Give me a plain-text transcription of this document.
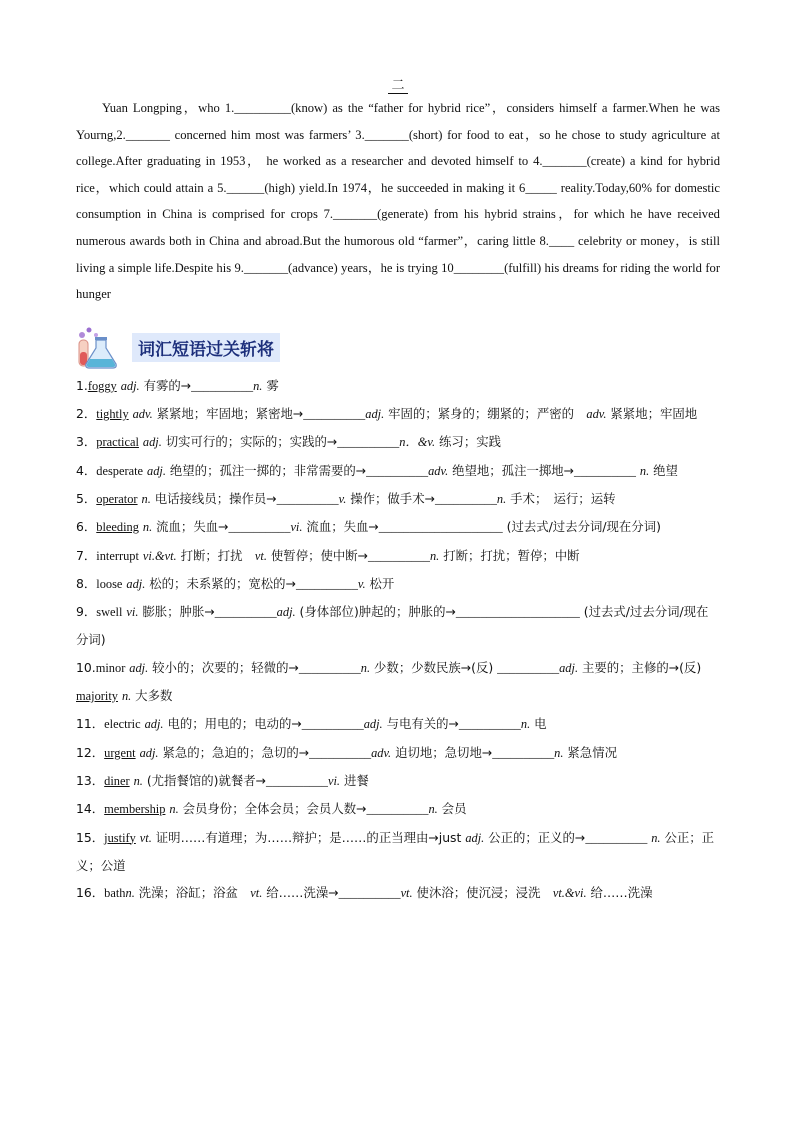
二
Yuan Longping，who 1._________(know) as the “father for hybrid rice”，considers himself a farmer.When he was Yourng,2._______ concerned him most was farmers’ 3._______(short) for food to eat，so he chose to study agriculture at college.After graduating in 1953， he worked as a researcher and devoted himself to 4._______(create) a kind for hybrid rice，which could attain a 5.______(high) yield.In 1974，he succeeded in making it 6_____ reality.Today,60% for domestic consumption in China is comprised for crops 7._______(generate) from his hybrid strains，for which he have received numerous awards both in China and abroad.But the humorous old “farmer”，caring little 8.____ celebrity or money，is still living a simple life.Despite his 9._______(advance) years，he is trying 10________(fulfill) his dreams for riding the world for hunger
词汇短语过关斩将
1.foggy adj. 有雾的→__________n. 雾
2．tightly adv. 紧紧地；牢固地；紧密地→__________adj. 牢固的；紧身的；绷紧的；严密的　adv. 紧紧地；牢固地
3．practical adj. 切实可行的；实际的；实践的→__________n．&v. 练习；实践
4．desperate adj. 绝望的；孤注一掷的；非常需要的→__________adv. 绝望地；孤注一掷地→__________ n. 绝望
5．operator n. 电话接线员；操作员→__________v. 操作；做手术→__________n. 手术；　运行；运转
6．bleeding n. 流血；失血→__________vi. 流血；失血→____________________ (过去式/过去分词/现在分词)
7．interrupt vi.&vt. 打断；打扰　vt. 使暂停；使中断→__________n. 打断；打扰；暂停；中断
8．loose adj. 松的；未系紧的；宽松的→__________v. 松开
9．swell vi. 膨胀；肿胀→__________adj. (身体部位)肿起的；肿胀的→____________________ (过去式/过去分词/现在分词)
10.minor adj. 较小的；次要的；轻微的→__________n. 少数；少数民族→(反) __________adj. 主要的；主修的→(反) majority n. 大多数
11．electric adj. 电的；用电的；电动的→__________adj. 与电有关的→__________n. 电
12．urgent adj. 紧急的；急迫的；急切的→__________adv. 迫切地；急切地→__________n. 紧急情况
13．diner n. (尤指餐馆的)就餐者→__________vi. 进餐
14．membership n. 会员身份；全体会员；会员人数→__________n. 会员
15．justify vt. 证明……有道理；为……辩护；是……的正当理由→just adj. 公正的；正义的→__________ n. 公正；正义；公道
16．bathn. 洗澡；浴缸；浴盆　vt. 给……洗澡→__________vt. 使沐浴；使沉浸；浸洗　vt.&vi. 给……洗澡
